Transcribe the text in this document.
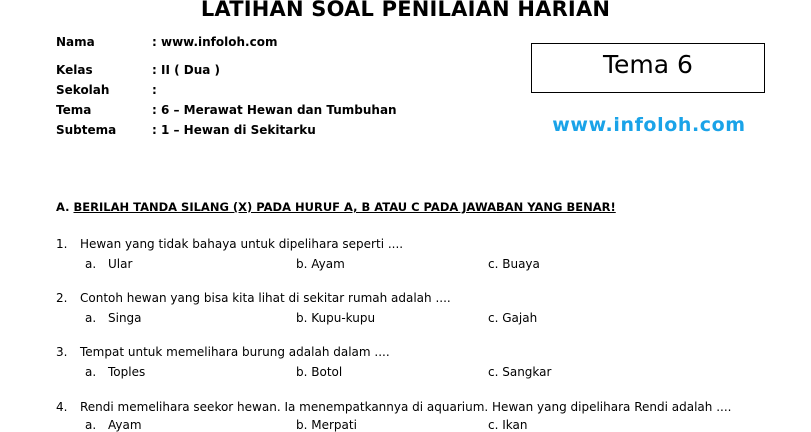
LATIHAN SOAL PENILAIAN HARIAN
Nama	: www.infoloh.com
Kelas	: II ( Dua )
Sekolah	:
Tema	: 6 – Merawat Hewan dan Tumbuhan
Subtema	: 1 – Hewan di Sekitarku
Tema 6
www.infoloh.com
A. BERILAH TANDA SILANG (X) PADA HURUF A, B ATAU C PADA JAWABAN YANG BENAR!
1. Hewan yang tidak bahaya untuk dipelihara seperti ....
a. Ular	b. Ayam	c. Buaya
2. Contoh hewan yang bisa kita lihat di sekitar rumah adalah ....
a. Singa	b. Kupu-kupu	c. Gajah
3. Tempat untuk memelihara burung adalah dalam ....
a. Toples	b. Botol	c. Sangkar
4. Rendi memelihara seekor hewan. Ia menempatkannya di aquarium. Hewan yang dipelihara Rendi adalah ....
a. Ayam	b. Merpati	c. Ikan
